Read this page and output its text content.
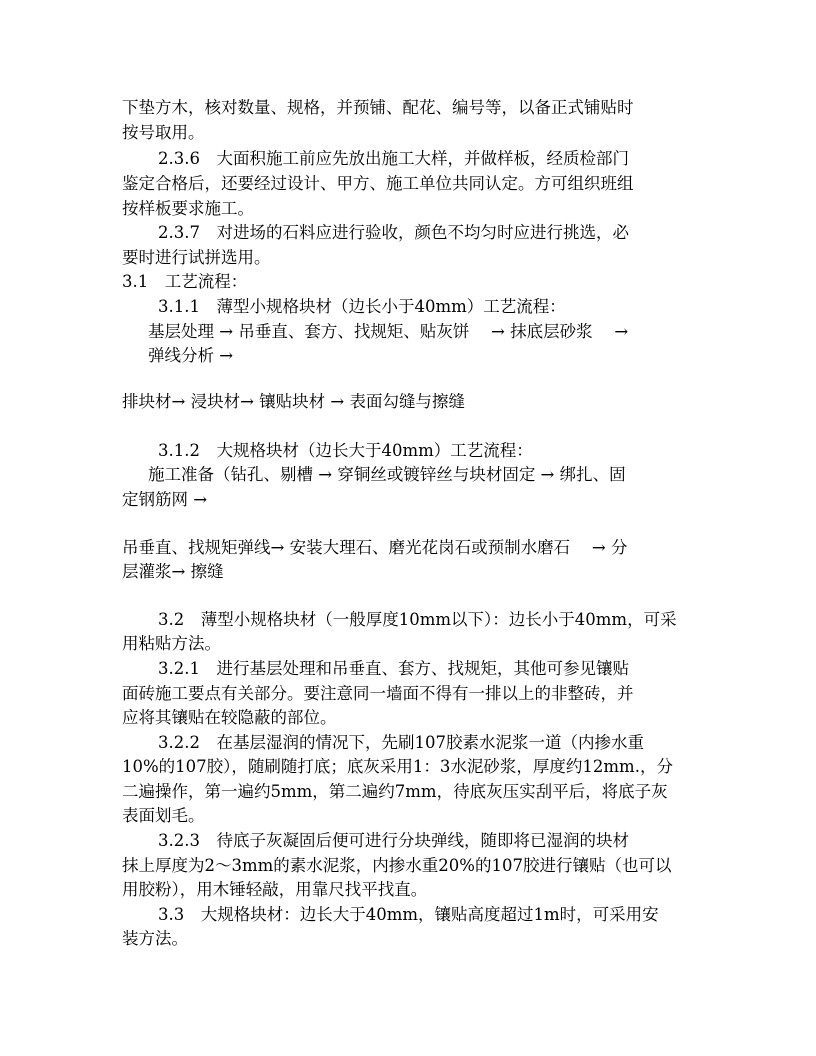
下垫方木，核对数量、规格，并预铺、配花、编号等，以备正式铺贴时
按号取用。
2.3.6　大面积施工前应先放出施工大样，并做样板，经质检部门
鉴定合格后，还要经过设计、甲方、施工单位共同认定。方可组织班组
按样板要求施工。
2.3.7　对进场的石料应进行验收，颜色不均匀时应进行挑选，必
要时进行试拼选用。
3.1　工艺流程：
3.1.1　薄型小规格块材（边长小于40mm）工艺流程：
基层处理 → 吊垂直、套方、找规矩、贴灰饼　 → 抹底层砂浆　 →
弹线分析 →
排块材→ 浸块材→ 镶贴块材 → 表面勾缝与擦缝
3.1.2　大规格块材（边长大于40mm）工艺流程：
施工准备（钻孔、剔槽 → 穿铜丝或镀锌丝与块材固定 → 绑扎、固
定钢筋网 →
吊垂直、找规矩弹线→ 安装大理石、磨光花岗石或预制水磨石　 → 分
层灌浆→ 擦缝
3.2　薄型小规格块材（一般厚度10mm以下）：边长小于40mm，可采
用粘贴方法。
3.2.1　进行基层处理和吊垂直、套方、找规矩，其他可参见镶贴
面砖施工要点有关部分。要注意同一墙面不得有一排以上的非整砖，并
应将其镶贴在较隐蔽的部位。
3.2.2　在基层湿润的情况下，先刷107胶素水泥浆一道（内掺水重
10%的107胶），随刷随打底；底灰采用1：3水泥砂浆，厚度约12mm.，分
二遍操作，第一遍约5mm，第二遍约7mm，待底灰压实刮平后，将底子灰
表面划毛。
3.2.3　待底子灰凝固后便可进行分块弹线，随即将已湿润的块材
抹上厚度为2～3mm的素水泥浆，内掺水重20%的107胶进行镶贴（也可以
用胶粉），用木锤轻敲，用靠尺找平找直。
3.3　大规格块材：边长大于40mm，镶贴高度超过1m时，可采用安
装方法。
